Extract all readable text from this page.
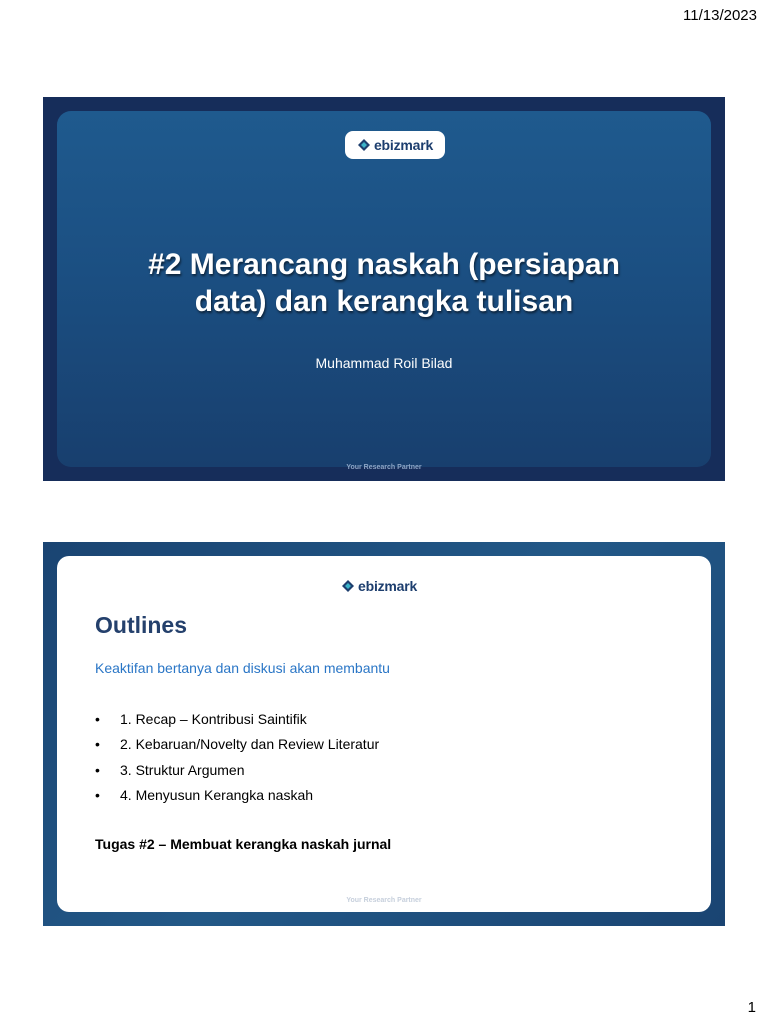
11/13/2023
ebizmark
#2 Merancang naskah (persiapan
data) dan kerangka tulisan
Muhammad Roil Bilad
Your Research Partner
ebizmark
Outlines
Keaktifan bertanya dan diskusi akan membantu
•	1. Recap – Kontribusi Saintifik
•	2. Kebaruan/Novelty dan Review Literatur
•	3. Struktur Argumen
•	4. Menyusun Kerangka naskah
Tugas #2 – Membuat kerangka naskah jurnal
Your Research Partner
1
